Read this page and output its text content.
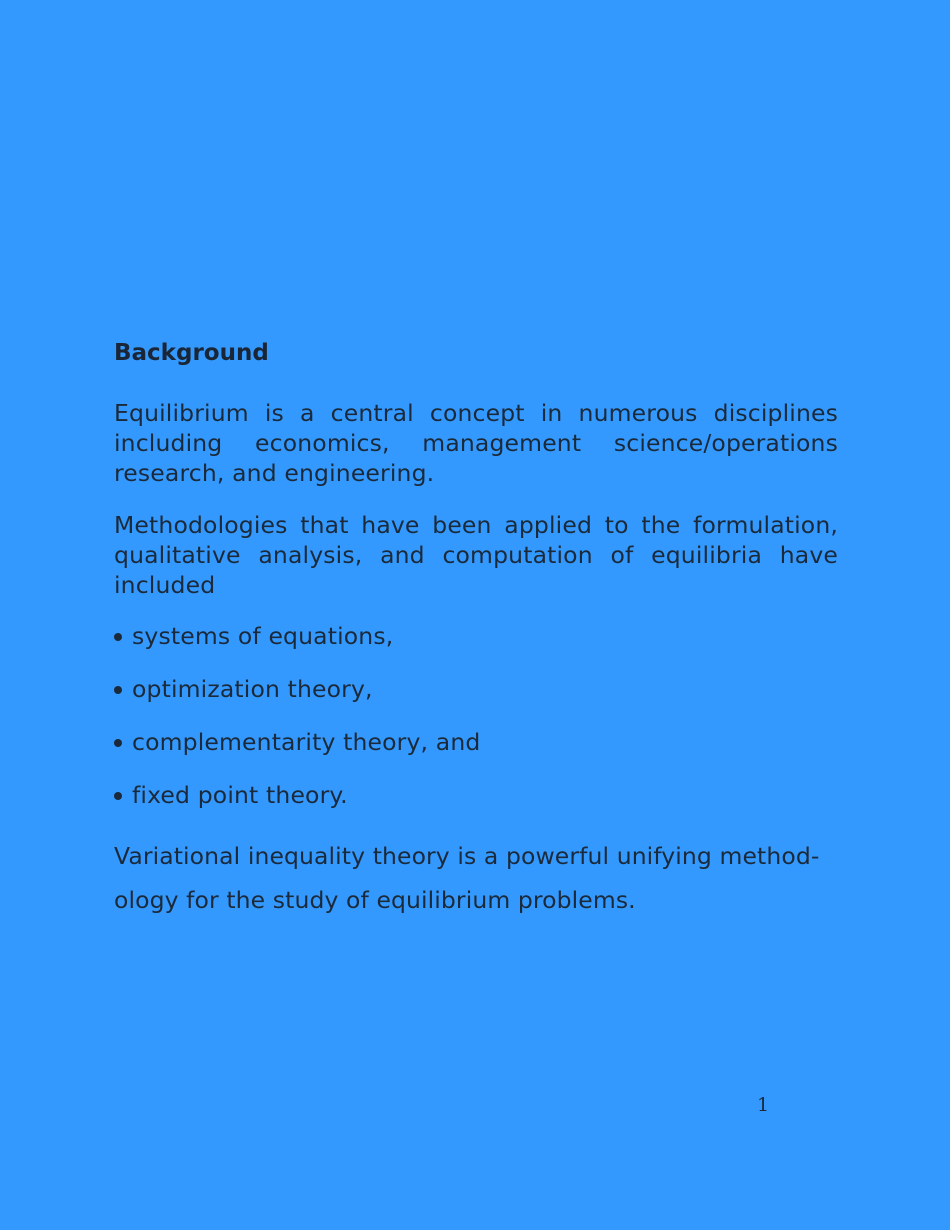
Background

Equilibrium is a central concept in numerous disciplines including economics, management science/operations research, and engineering.

Methodologies that have been applied to the formulation, qualitative analysis, and computation of equilibria have included

systems of equations,
optimization theory,
complementarity theory, and
fixed point theory.

Variational inequality theory is a powerful unifying methodology for the study of equilibrium problems.

1
